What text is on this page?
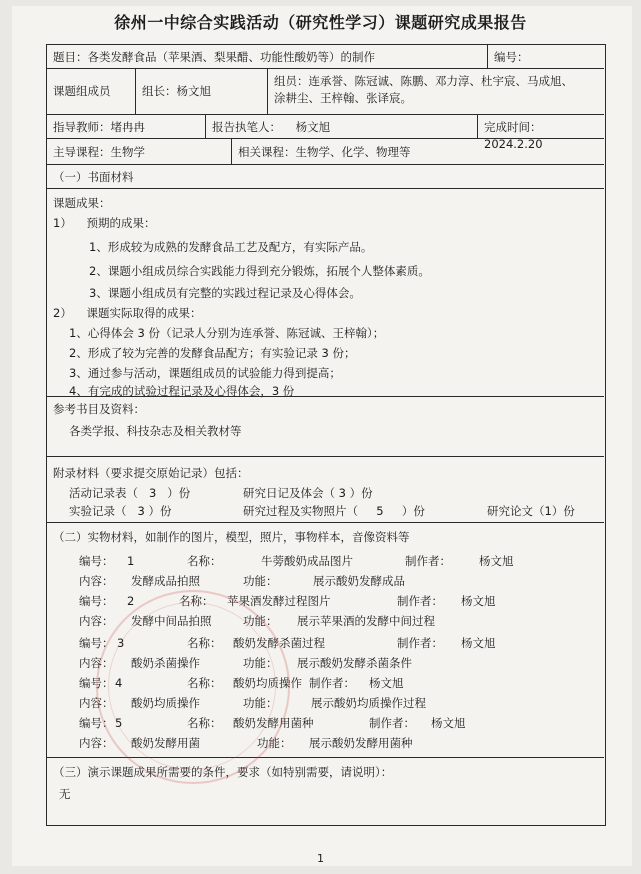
徐州一中综合实践活动（研究性学习）课题研究成果报告
题目：各类发酵食品（苹果酒、梨果醋、功能性酸奶等）的制作	编号：
课题组成员	组长：杨文旭
组员：连承誉、陈冠诚、陈鹏、邓力淳、杜宇宸、马成旭、
涂耕尘、王梓翰、张译宸。
指导教师：堵冉冉	报告执笔人：    杨文旭	完成时间：2024.2.20
主导课程：生物学	相关课程：生物学、化学、物理等
（一）书面材料
课题成果：
1）    预期的成果：
1、形成较为成熟的发酵食品工艺及配方，有实际产品。
2、课题小组成员综合实践能力得到充分锻炼，拓展个人整体素质。
3、课题小组成员有完整的实践过程记录及心得体会。
2）    课题实际取得的成果：
1、心得体会 3 份（记录人分别为连承誉、陈冠诚、王梓翰）；
2、形成了较为完善的发酵食品配方；有实验记录 3 份；
3、通过参与活动，课题组成员的试验能力得到提高；
4、有完成的试验过程记录及心得体会，3 份
参考书目及资料：
各类学报、科技杂志及相关教材等
附录材料（要求提交原始记录）包括：
活动记录表（   3   ）份	研究日记及体会（ 3 ）份
实验记录（   3 ）份	研究过程及实物照片（     5     ）份	研究论文（1）份
（二）实物材料，如制作的图片，模型，照片，事物样本，音像资料等
编号： 1	名称：	牛蒡酸奶成品图片	制作者： 杨文旭
内容： 发酵成品拍照	功能：	展示酸奶发酵成品
编号： 2	名称： 苹果酒发酵过程图片	制作者： 杨文旭
内容： 发酵中间品拍照	功能： 展示苹果酒的发酵中间过程
编号： 3	名称： 酸奶发酵杀菌过程	制作者： 杨文旭
内容： 酸奶杀菌操作	功能： 展示酸奶发酵杀菌条件
编号： 4	名称： 酸奶均质操作 制作者： 杨文旭
内容： 酸奶均质操作	功能：	展示酸奶均质操作过程
编号： 5	名称： 酸奶发酵用菌种	制作者： 杨文旭
内容： 酸奶发酵用菌	功能： 展示酸奶发酵用菌种
（三）演示课题成果所需要的条件，要求（如特别需要，请说明）：
无
1
